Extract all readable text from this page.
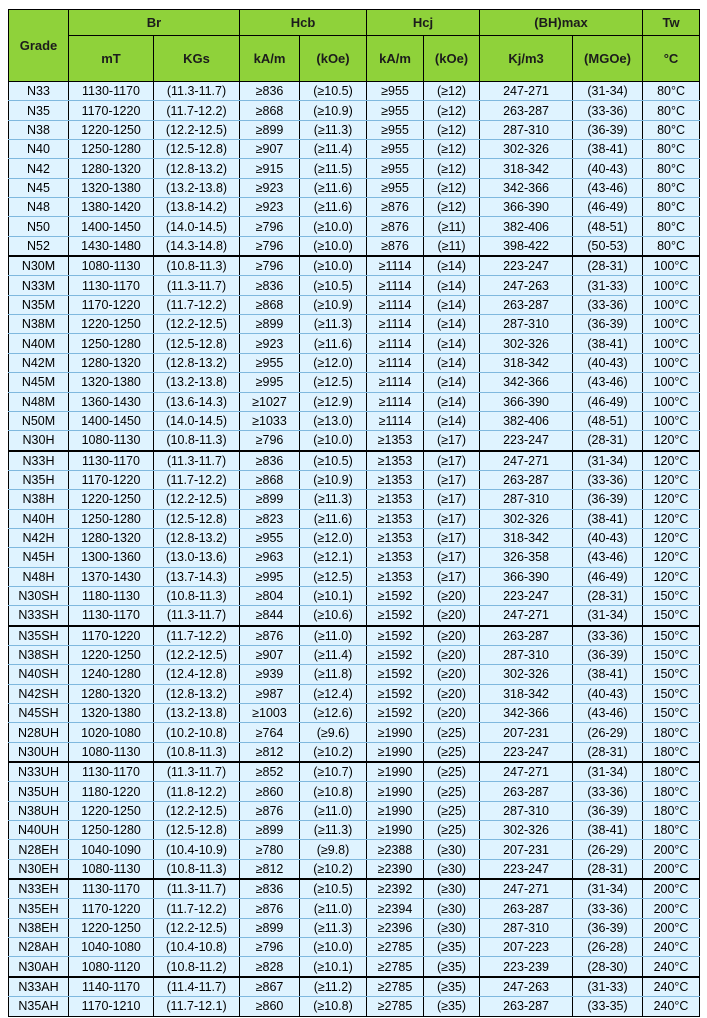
Grade	Br		Hcb		Hcj		(BH)max		Tw
	mT	KGs	kA/m	(kOe)	kA/m	(kOe)	Kj/m3	(MGOe)	°C
N33	1130-1170	(11.3-11.7)	≥836	(≥10.5)	≥955	(≥12)	247-271	(31-34)	80°C
N35	1170-1220	(11.7-12.2)	≥868	(≥10.9)	≥955	(≥12)	263-287	(33-36)	80°C
N38	1220-1250	(12.2-12.5)	≥899	(≥11.3)	≥955	(≥12)	287-310	(36-39)	80°C
N40	1250-1280	(12.5-12.8)	≥907	(≥11.4)	≥955	(≥12)	302-326	(38-41)	80°C
N42	1280-1320	(12.8-13.2)	≥915	(≥11.5)	≥955	(≥12)	318-342	(40-43)	80°C
N45	1320-1380	(13.2-13.8)	≥923	(≥11.6)	≥955	(≥12)	342-366	(43-46)	80°C
N48	1380-1420	(13.8-14.2)	≥923	(≥11.6)	≥876	(≥12)	366-390	(46-49)	80°C
N50	1400-1450	(14.0-14.5)	≥796	(≥10.0)	≥876	(≥11)	382-406	(48-51)	80°C
N52	1430-1480	(14.3-14.8)	≥796	(≥10.0)	≥876	(≥11)	398-422	(50-53)	80°C
N30M	1080-1130	(10.8-11.3)	≥796	(≥10.0)	≥1114	(≥14)	223-247	(28-31)	100°C
N33M	1130-1170	(11.3-11.7)	≥836	(≥10.5)	≥1114	(≥14)	247-263	(31-33)	100°C
N35M	1170-1220	(11.7-12.2)	≥868	(≥10.9)	≥1114	(≥14)	263-287	(33-36)	100°C
N38M	1220-1250	(12.2-12.5)	≥899	(≥11.3)	≥1114	(≥14)	287-310	(36-39)	100°C
N40M	1250-1280	(12.5-12.8)	≥923	(≥11.6)	≥1114	(≥14)	302-326	(38-41)	100°C
N42M	1280-1320	(12.8-13.2)	≥955	(≥12.0)	≥1114	(≥14)	318-342	(40-43)	100°C
N45M	1320-1380	(13.2-13.8)	≥995	(≥12.5)	≥1114	(≥14)	342-366	(43-46)	100°C
N48M	1360-1430	(13.6-14.3)	≥1027	(≥12.9)	≥1114	(≥14)	366-390	(46-49)	100°C
N50M	1400-1450	(14.0-14.5)	≥1033	(≥13.0)	≥1114	(≥14)	382-406	(48-51)	100°C
N30H	1080-1130	(10.8-11.3)	≥796	(≥10.0)	≥1353	(≥17)	223-247	(28-31)	120°C
N33H	1130-1170	(11.3-11.7)	≥836	(≥10.5)	≥1353	(≥17)	247-271	(31-34)	120°C
N35H	1170-1220	(11.7-12.2)	≥868	(≥10.9)	≥1353	(≥17)	263-287	(33-36)	120°C
N38H	1220-1250	(12.2-12.5)	≥899	(≥11.3)	≥1353	(≥17)	287-310	(36-39)	120°C
N40H	1250-1280	(12.5-12.8)	≥823	(≥11.6)	≥1353	(≥17)	302-326	(38-41)	120°C
N42H	1280-1320	(12.8-13.2)	≥955	(≥12.0)	≥1353	(≥17)	318-342	(40-43)	120°C
N45H	1300-1360	(13.0-13.6)	≥963	(≥12.1)	≥1353	(≥17)	326-358	(43-46)	120°C
N48H	1370-1430	(13.7-14.3)	≥995	(≥12.5)	≥1353	(≥17)	366-390	(46-49)	120°C
N30SH	1180-1130	(10.8-11.3)	≥804	(≥10.1)	≥1592	(≥20)	223-247	(28-31)	150°C
N33SH	1130-1170	(11.3-11.7)	≥844	(≥10.6)	≥1592	(≥20)	247-271	(31-34)	150°C
N35SH	1170-1220	(11.7-12.2)	≥876	(≥11.0)	≥1592	(≥20)	263-287	(33-36)	150°C
N38SH	1220-1250	(12.2-12.5)	≥907	(≥11.4)	≥1592	(≥20)	287-310	(36-39)	150°C
N40SH	1240-1280	(12.4-12.8)	≥939	(≥11.8)	≥1592	(≥20)	302-326	(38-41)	150°C
N42SH	1280-1320	(12.8-13.2)	≥987	(≥12.4)	≥1592	(≥20)	318-342	(40-43)	150°C
N45SH	1320-1380	(13.2-13.8)	≥1003	(≥12.6)	≥1592	(≥20)	342-366	(43-46)	150°C
N28UH	1020-1080	(10.2-10.8)	≥764	(≥9.6)	≥1990	(≥25)	207-231	(26-29)	180°C
N30UH	1080-1130	(10.8-11.3)	≥812	(≥10.2)	≥1990	(≥25)	223-247	(28-31)	180°C
N33UH	1130-1170	(11.3-11.7)	≥852	(≥10.7)	≥1990	(≥25)	247-271	(31-34)	180°C
N35UH	1180-1220	(11.8-12.2)	≥860	(≥10.8)	≥1990	(≥25)	263-287	(33-36)	180°C
N38UH	1220-1250	(12.2-12.5)	≥876	(≥11.0)	≥1990	(≥25)	287-310	(36-39)	180°C
N40UH	1250-1280	(12.5-12.8)	≥899	(≥11.3)	≥1990	(≥25)	302-326	(38-41)	180°C
N28EH	1040-1090	(10.4-10.9)	≥780	(≥9.8)	≥2388	(≥30)	207-231	(26-29)	200°C
N30EH	1080-1130	(10.8-11.3)	≥812	(≥10.2)	≥2390	(≥30)	223-247	(28-31)	200°C
N33EH	1130-1170	(11.3-11.7)	≥836	(≥10.5)	≥2392	(≥30)	247-271	(31-34)	200°C
N35EH	1170-1220	(11.7-12.2)	≥876	(≥11.0)	≥2394	(≥30)	263-287	(33-36)	200°C
N38EH	1220-1250	(12.2-12.5)	≥899	(≥11.3)	≥2396	(≥30)	287-310	(36-39)	200°C
N28AH	1040-1080	(10.4-10.8)	≥796	(≥10.0)	≥2785	(≥35)	207-223	(26-28)	240°C
N30AH	1080-1120	(10.8-11.2)	≥828	(≥10.1)	≥2785	(≥35)	223-239	(28-30)	240°C
N33AH	1140-1170	(11.4-11.7)	≥867	(≥11.2)	≥2785	(≥35)	247-263	(31-33)	240°C
N35AH	1170-1210	(11.7-12.1)	≥860	(≥10.8)	≥2785	(≥35)	263-287	(33-35)	240°C
